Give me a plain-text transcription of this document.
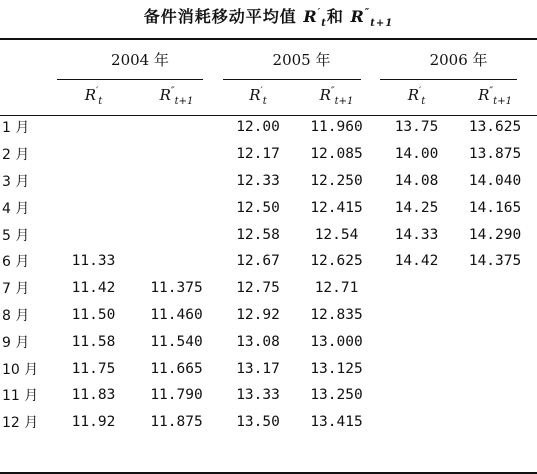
备件消耗移动平均值 $R'_t$和 $R''_{t+1}$
	2004 年		2005 年		2006 年	
	$R'_t$	$R''_{t+1}$	$R'_t$	$R''_{t+1}$	$R'_t$	$R''_{t+1}$
1 月			12.00	11.960	13.75	13.625
2 月			12.17	12.085	14.00	13.875
3 月			12.33	12.250	14.08	14.040
4 月			12.50	12.415	14.25	14.165
5 月			12.58	12.54	14.33	14.290
6 月	11.33		12.67	12.625	14.42	14.375
7 月	11.42	11.375	12.75	12.71		
8 月	11.50	11.460	12.92	12.835		
9 月	11.58	11.540	13.08	13.000		
10 月	11.75	11.665	13.17	13.125		
11 月	11.83	11.790	13.33	13.250		
12 月	11.92	11.875	13.50	13.415		
